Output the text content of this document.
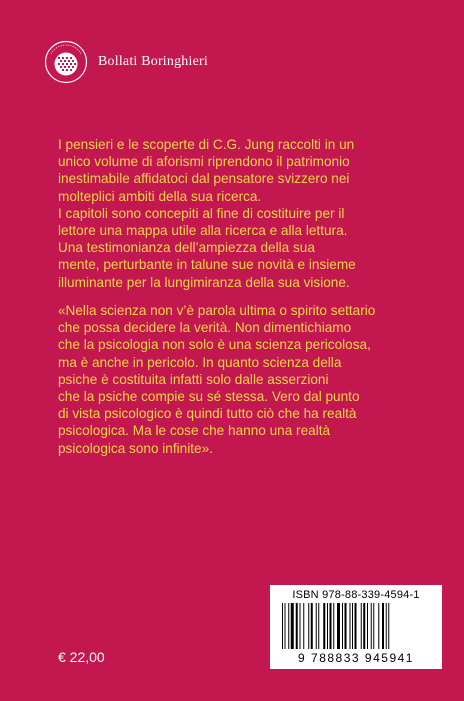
Bollati Boringhieri

I pensieri e le scoperte di C.G. Jung raccolti in un

unico volume di aforismi riprendono il patrimonio

inestimabile affidatoci dal pensatore svizzero nei

molteplici ambiti della sua ricerca.

I capitoli sono concepiti al fine di costituire per il

lettore una mappa utile alla ricerca e alla lettura.

Una testimonianza dell’ampiezza della sua

mente, perturbante in talune sue novità e insieme

illuminante per la lungimiranza della sua visione.

«Nella scienza non v’è parola ultima o spirito settario

che possa decidere la verità. Non dimentichiamo

che la psicologia non solo è una scienza pericolosa,

ma è anche in pericolo. In quanto scienza della

psiche è costituita infatti solo dalle asserzioni

che la psiche compie su sé stessa. Vero dal punto

di vista psicologico è quindi tutto ciò che ha realtà

psicologica. Ma le cose che hanno una realtà

psicologica sono infinite».

€ 22,00
ISBN 978-88-339-4594-1
9 788833 945941
